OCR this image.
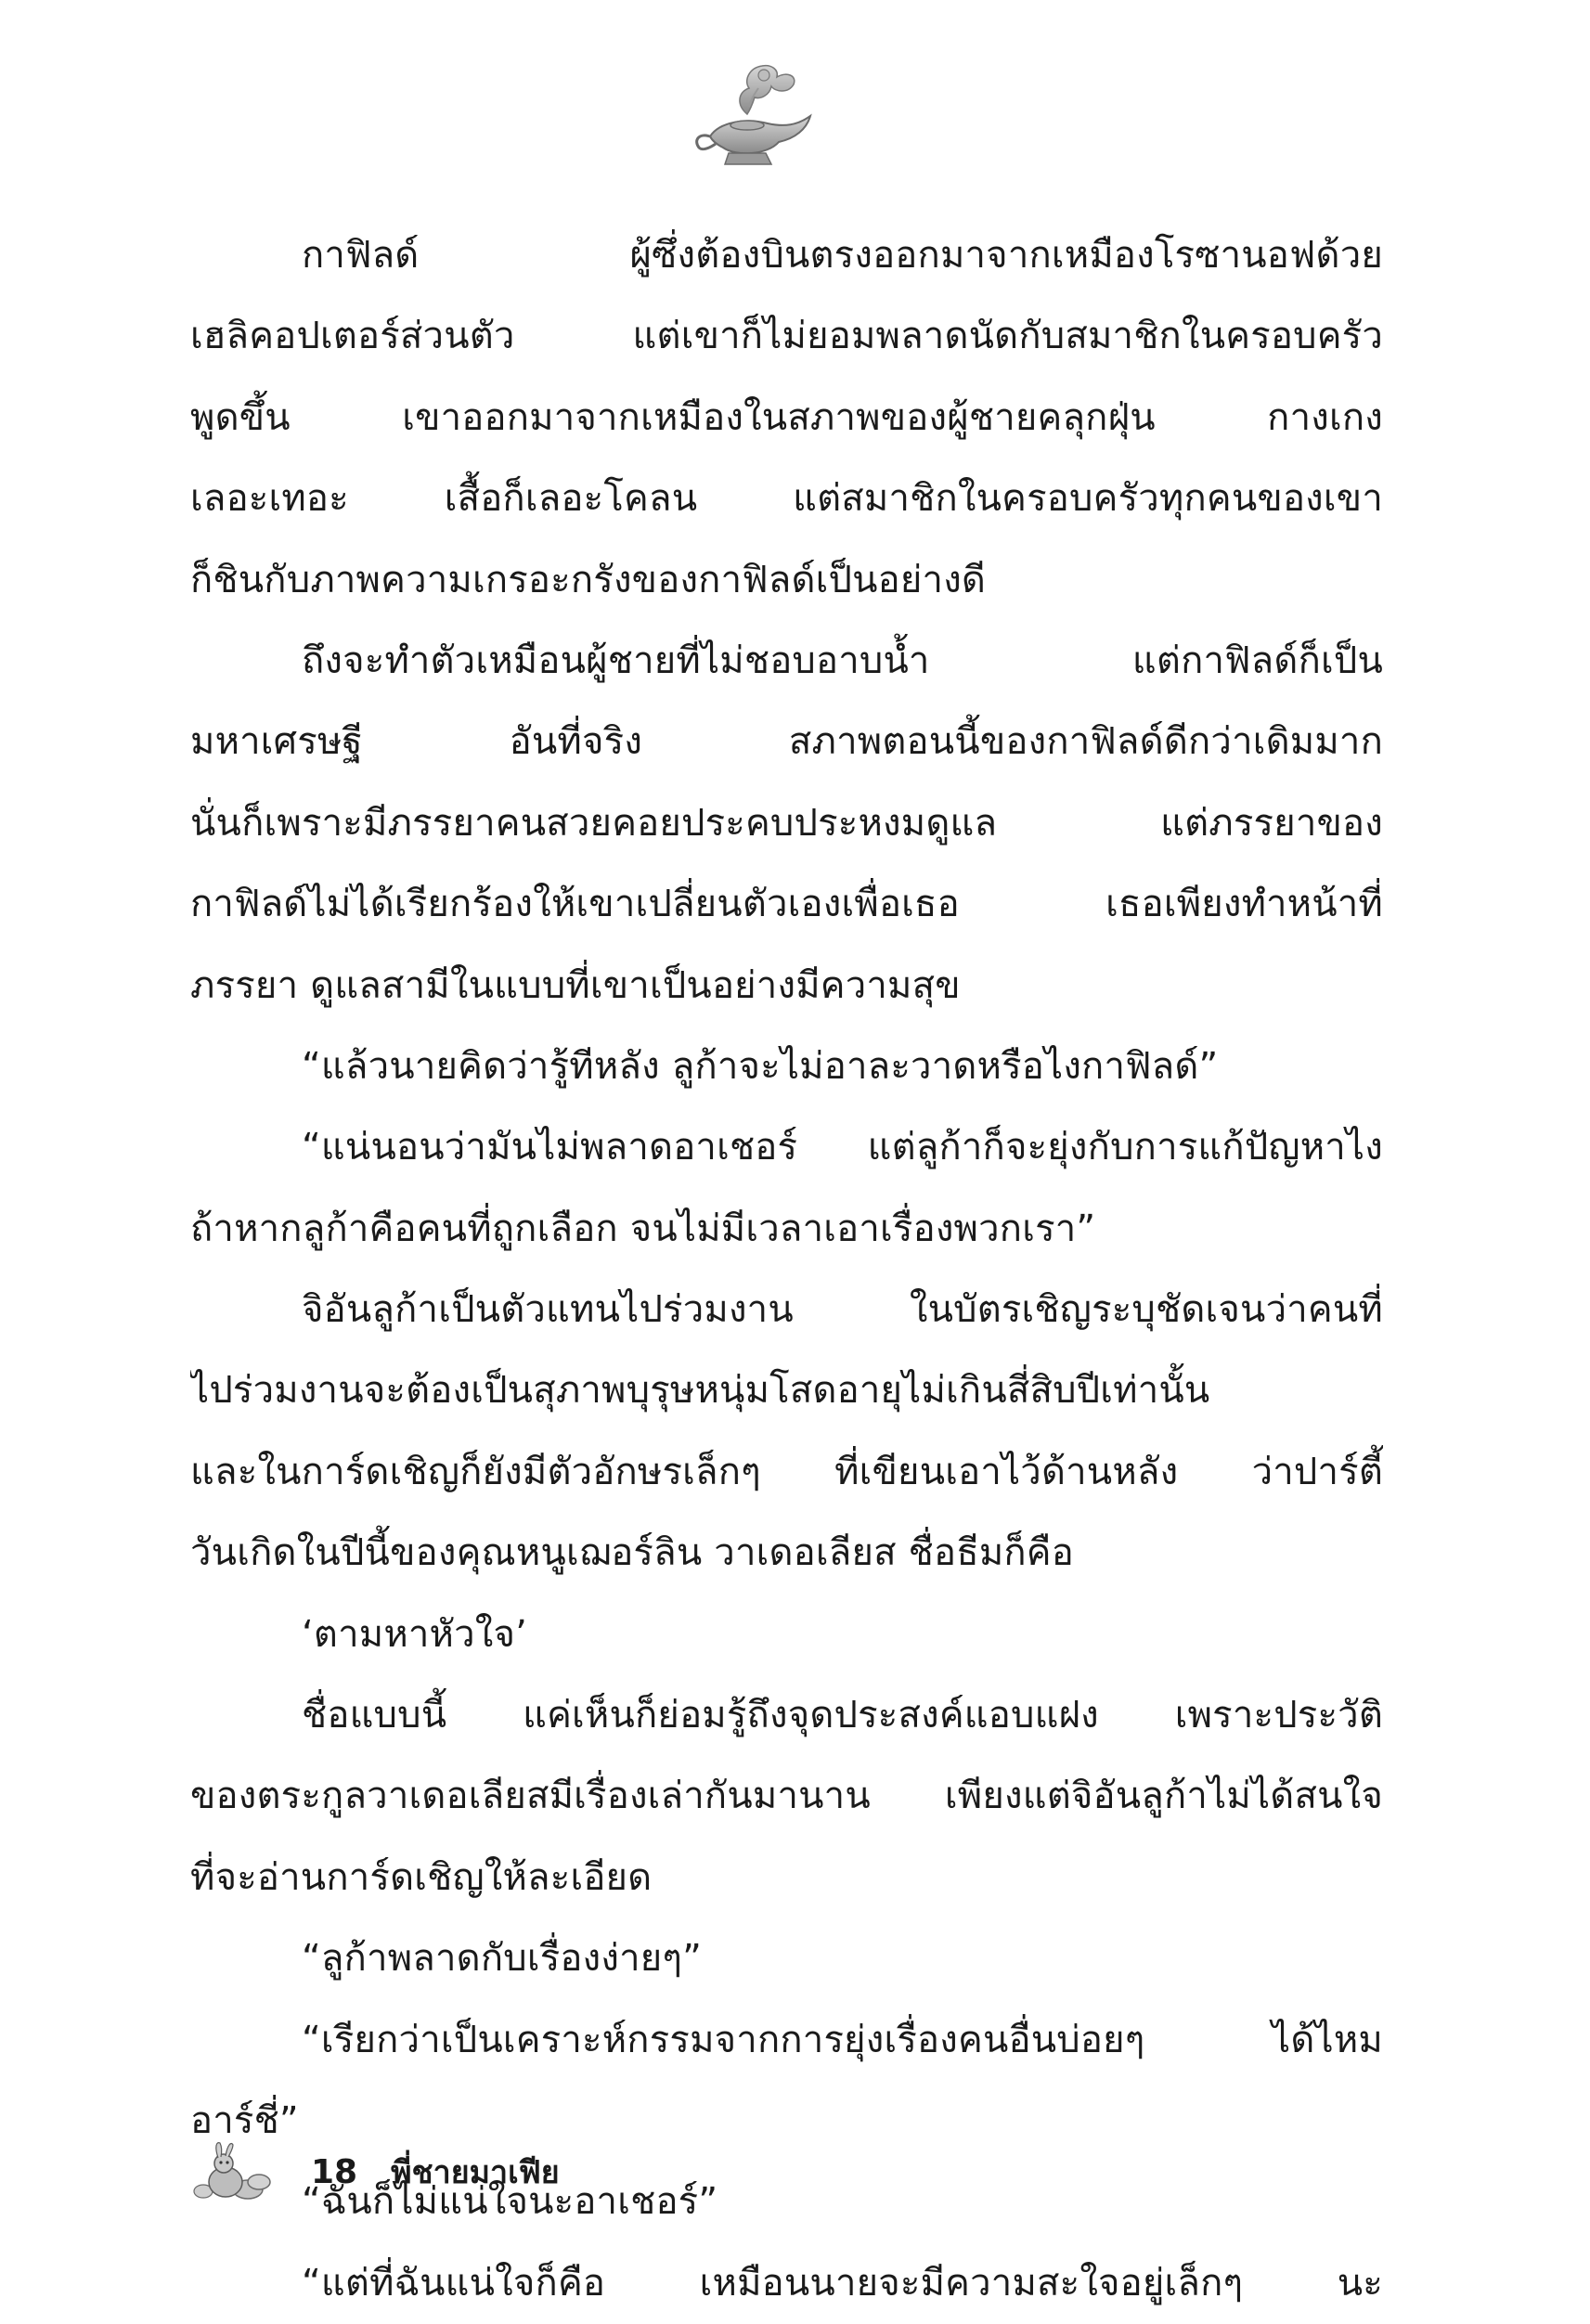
กาฟิลด์ ผู้ซึ่งต้องบินตรงออกมาจากเหมืองโรซานอฟด้วย
เฮลิคอปเตอร์ส่วนตัว แต่เขาก็ไม่ยอมพลาดนัดกับสมาชิกในครอบครัว
พูดขึ้น เขาออกมาจากเหมืองในสภาพของผู้ชายคลุกฝุ่น กางเกง
เลอะเทอะ เสื้อก็เลอะโคลน แต่สมาชิกในครอบครัวทุกคนของเขา
ก็ชินกับภาพความเกรอะกรังของกาฟิลด์เป็นอย่างดี
ถึงจะทำตัวเหมือนผู้ชายที่ไม่ชอบอาบน้ำ แต่กาฟิลด์ก็เป็น
มหาเศรษฐี อันที่จริง สภาพตอนนี้ของกาฟิลด์ดีกว่าเดิมมาก
นั่นก็เพราะมีภรรยาคนสวยคอยประคบประหงมดูแล แต่ภรรยาของ
กาฟิลด์ไม่ได้เรียกร้องให้เขาเปลี่ยนตัวเองเพื่อเธอ เธอเพียงทำหน้าที่
ภรรยา ดูแลสามีในแบบที่เขาเป็นอย่างมีความสุข
“แล้วนายคิดว่ารู้ทีหลัง ลูก้าจะไม่อาละวาดหรือไงกาฟิลด์”
“แน่นอนว่ามันไม่พลาดอาเชอร์ แต่ลูก้าก็จะยุ่งกับการแก้ปัญหาไง
ถ้าหากลูก้าคือคนที่ถูกเลือก จนไม่มีเวลาเอาเรื่องพวกเรา”
จิอันลูก้าเป็นตัวแทนไปร่วมงาน ในบัตรเชิญระบุชัดเจนว่าคนที่
ไปร่วมงานจะต้องเป็นสุภาพบุรุษหนุ่มโสดอายุไม่เกินสี่สิบปีเท่านั้น
และในการ์ดเชิญก็ยังมีตัวอักษรเล็กๆ ที่เขียนเอาไว้ด้านหลัง ว่าปาร์ตี้
วันเกิดในปีนี้ของคุณหนูเฌอร์ลิน วาเดอเลียส ชื่อธีมก็คือ
‘ตามหาหัวใจ’
ชื่อแบบนี้ แค่เห็นก็ย่อมรู้ถึงจุดประสงค์แอบแฝง เพราะประวัติ
ของตระกูลวาเดอเลียสมีเรื่องเล่ากันมานาน เพียงแต่จิอันลูก้าไม่ได้สนใจ
ที่จะอ่านการ์ดเชิญให้ละเอียด
“ลูก้าพลาดกับเรื่องง่ายๆ”
“เรียกว่าเป็นเคราะห์กรรมจากการยุ่งเรื่องคนอื่นบ่อยๆ ได้ไหม
อาร์ชี่”
“ฉันก็ไม่แน่ใจนะอาเชอร์”
“แต่ที่ฉันแน่ใจก็คือ เหมือนนายจะมีความสะใจอยู่เล็กๆ นะ
18 พี่ชายมาเฟีย
